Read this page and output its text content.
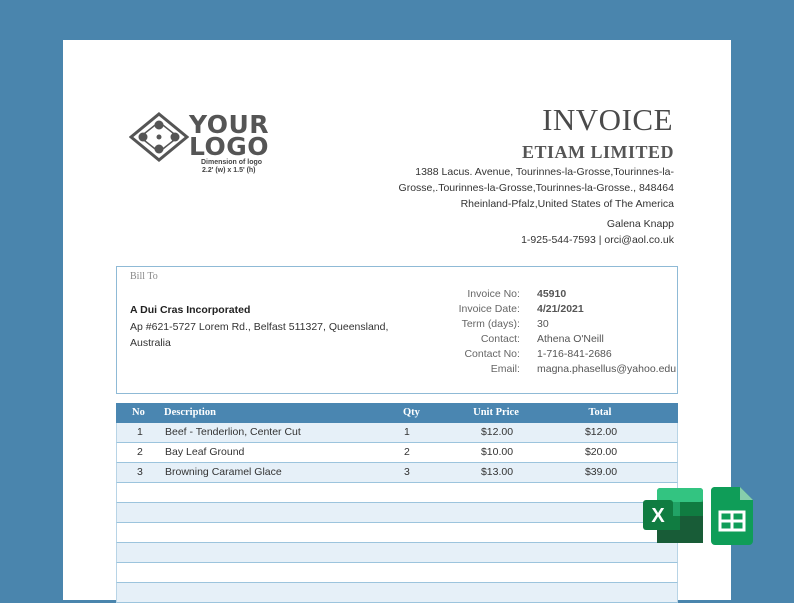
YOUR
LOGO
Dimension of logo
2.2' (w) x 1.5' (h)
INVOICE
ETIAM LIMITED
1388 Lacus. Avenue, Tourinnes-la-Grosse,Tourinnes-la-
Grosse,.Tourinnes-la-Grosse,Tourinnes-la-Grosse., 848464
Rheinland-Pfalz,United States of The America
Galena Knapp
1-925-544-7593 | orci@aol.co.uk
Bill To
A Dui Cras Incorporated
Ap #621-5727 Lorem Rd., Belfast 511327, Queensland, Australia
Invoice No : 45910
Invoice Date : 4/21/2021
Term (days) : 30
Contact : Athena O'Neill
Contact No : 1-716-841-2686
Email : magna.phasellus@yahoo.edu
No Description	Qty	Unit Price	Total
1 Beef - Tenderlion, Center Cut	1	$12.00	$12.00
2 Bay Leaf Ground	2	$10.00	$20.00
3 Browning Caramel Glace	3	$13.00	$39.00
X
